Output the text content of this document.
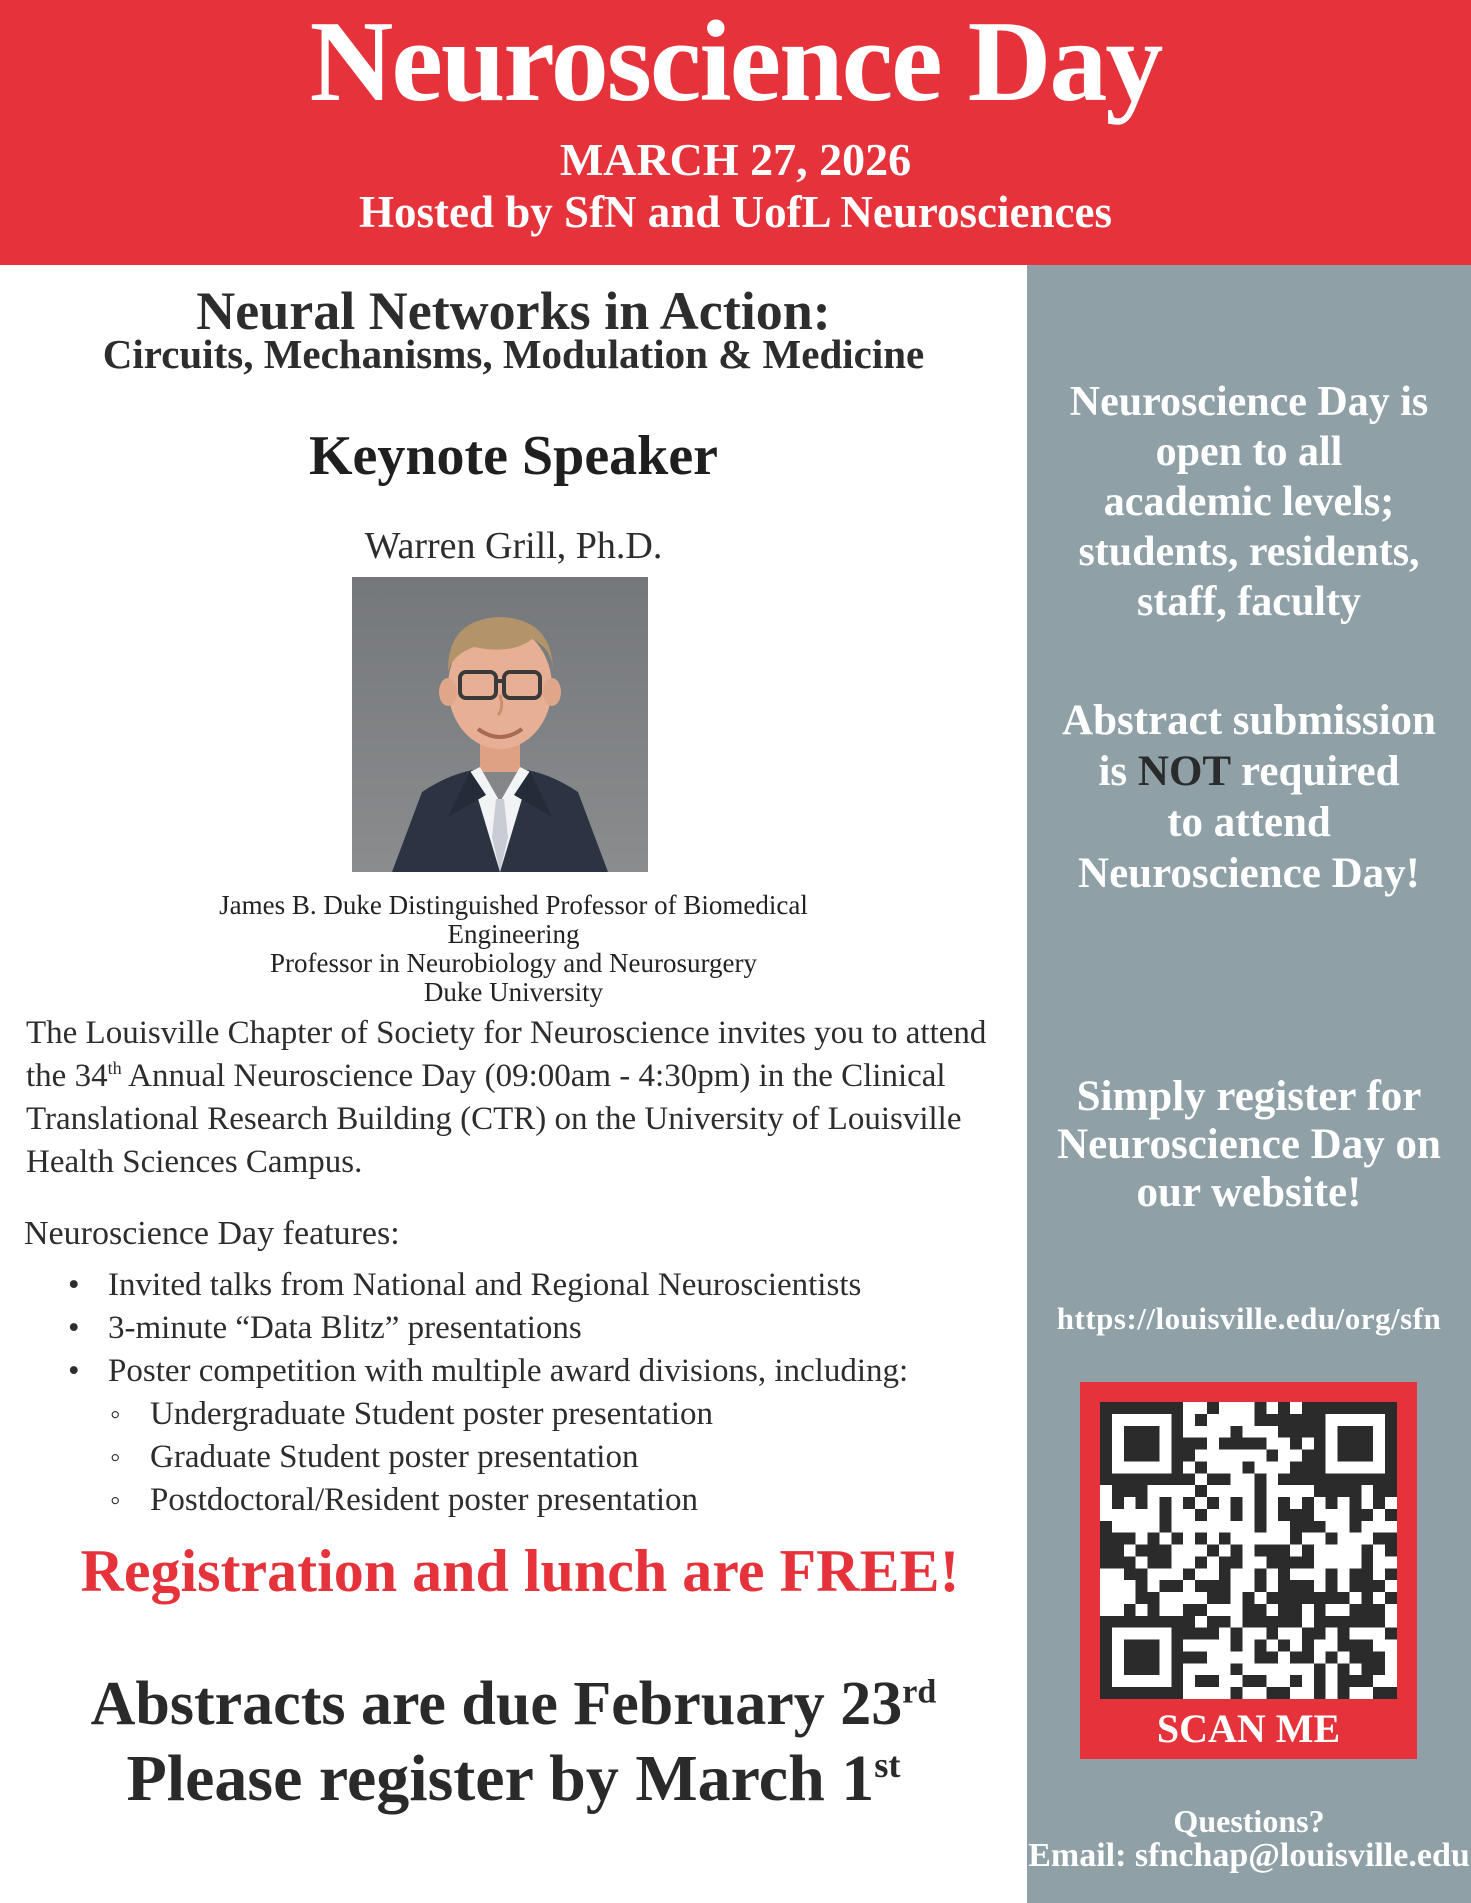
Neuroscience Day
MARCH 27, 2026
Hosted by SfN and UofL Neurosciences
Neural Networks in Action:
Circuits, Mechanisms, Modulation & Medicine
Keynote Speaker
Warren Grill, Ph.D.
James B. Duke Distinguished Professor of Biomedical
Engineering
Professor in Neurobiology and Neurosurgery
Duke University
The Louisville Chapter of Society for Neuroscience invites you to attend the 34th Annual Neuroscience Day (09:00am - 4:30pm) in the Clinical Translational Research Building (CTR) on the University of Louisville Health Sciences Campus.
Neuroscience Day features:
• Invited talks from National and Regional Neuroscientists
• 3-minute “Data Blitz” presentations
• Poster competition with multiple award divisions, including:
◦ Undergraduate Student poster presentation
◦ Graduate Student poster presentation
◦ Postdoctoral/Resident poster presentation
Registration and lunch are FREE!
Abstracts are due February 23rd
Please register by March 1st
Neuroscience Day is
open to all
academic levels;
students, residents,
staff, faculty
Abstract submission
is NOT required
to attend
Neuroscience Day!
Simply register for
Neuroscience Day on
our website!
https://louisville.edu/org/sfn
SCAN ME
Questions?
Email: sfnchap@louisville.edu
